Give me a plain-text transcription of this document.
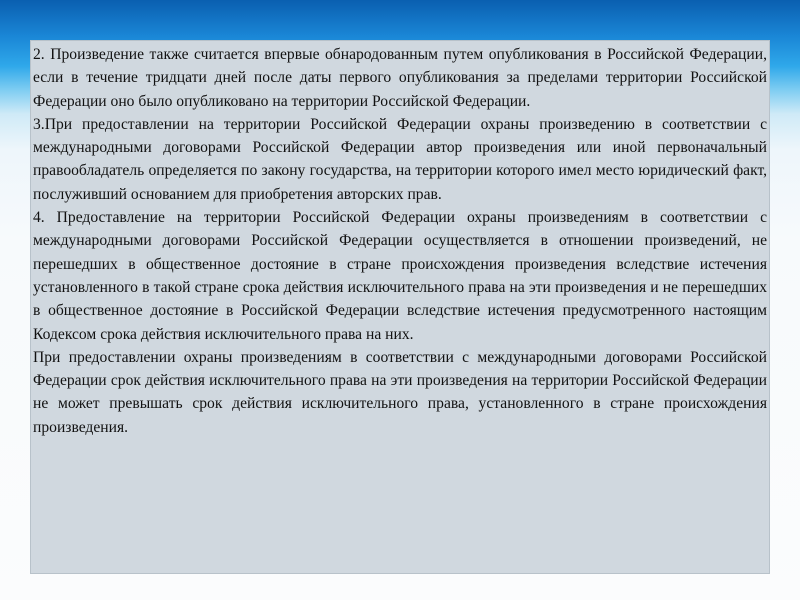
2. Произведение также считается впервые обнародованным путем опубликования в Российской Федерации, если в течение тридцати дней после даты первого опубликования за пределами территории Российской Федерации оно было опубликовано на территории Российской Федерации.

3.При предоставлении на территории Российской Федерации охраны произведению в соответствии с международными договорами Российской Федерации автор произведения или иной первоначальный правообладатель определяется по закону государства, на территории которого имел место юридический факт, послуживший основанием для приобретения авторских прав.

4. Предоставление на территории Российской Федерации охраны произведениям в соответствии с международными договорами Российской Федерации осуществляется в отношении произведений, не перешедших в общественное достояние в стране происхождения произведения вследствие истечения установленного в такой стране срока действия исключительного права на эти произведения и не перешедших в общественное достояние в Российской Федерации вследствие истечения предусмотренного настоящим Кодексом срока действия исключительного права на них.

При предоставлении охраны произведениям в соответствии с международными договорами Российской Федерации срок действия исключительного права на эти произведения на территории Российской Федерации не может превышать срок действия исключительного права, установленного в стране происхождения произведения.
